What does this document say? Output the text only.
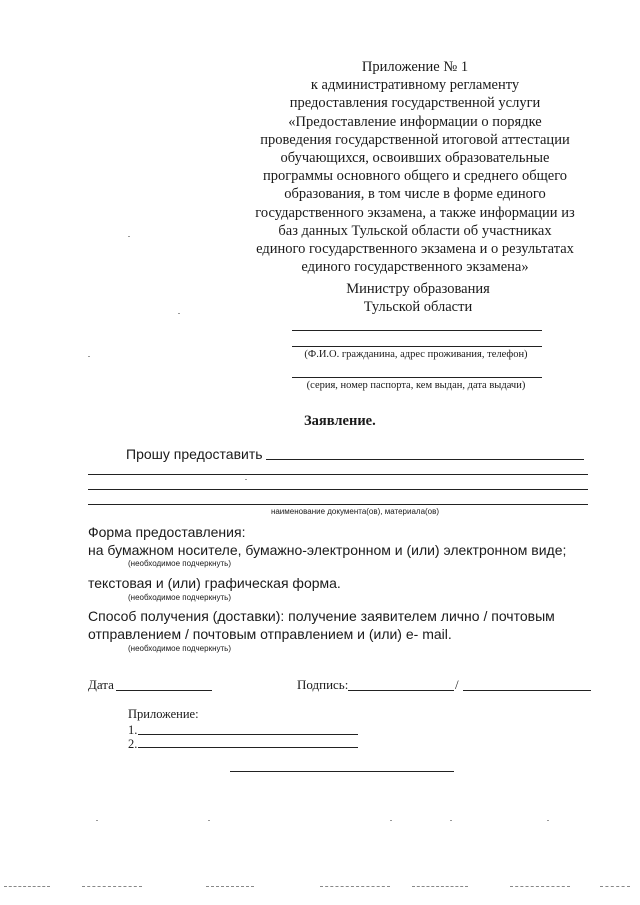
Приложение № 1
к административному регламенту
предоставления государственной услуги
«Предоставление информации о порядке
проведения государственной итоговой аттестации
обучающихся, освоивших образовательные
программы основного общего и среднего общего
образования, в том числе в форме единого
государственного экзамена, а также информации из
баз данных Тульской области об участниках
единого государственного экзамена и о результатах
единого государственного экзамена»
Министру образования
Тульской области
(Ф.И.О. гражданина, адрес проживания, телефон)
(серия, номер паспорта, кем выдан, дата выдачи)
Заявление.
Прошу предоставить
наименование документа(ов), материала(ов)
Форма предоставления:
на бумажном носителе, бумажно-электронном и (или) электронном виде;
(необходимое подчеркнуть)
текстовая и (или) графическая форма.
(необходимое подчеркнуть)
Способ получения (доставки): получение заявителем лично / почтовым
отправлением / почтовым отправлением и (или) е- mail.
(необходимое подчеркнуть)
Дата	Подпись:	/
Приложение:
1.
2.
